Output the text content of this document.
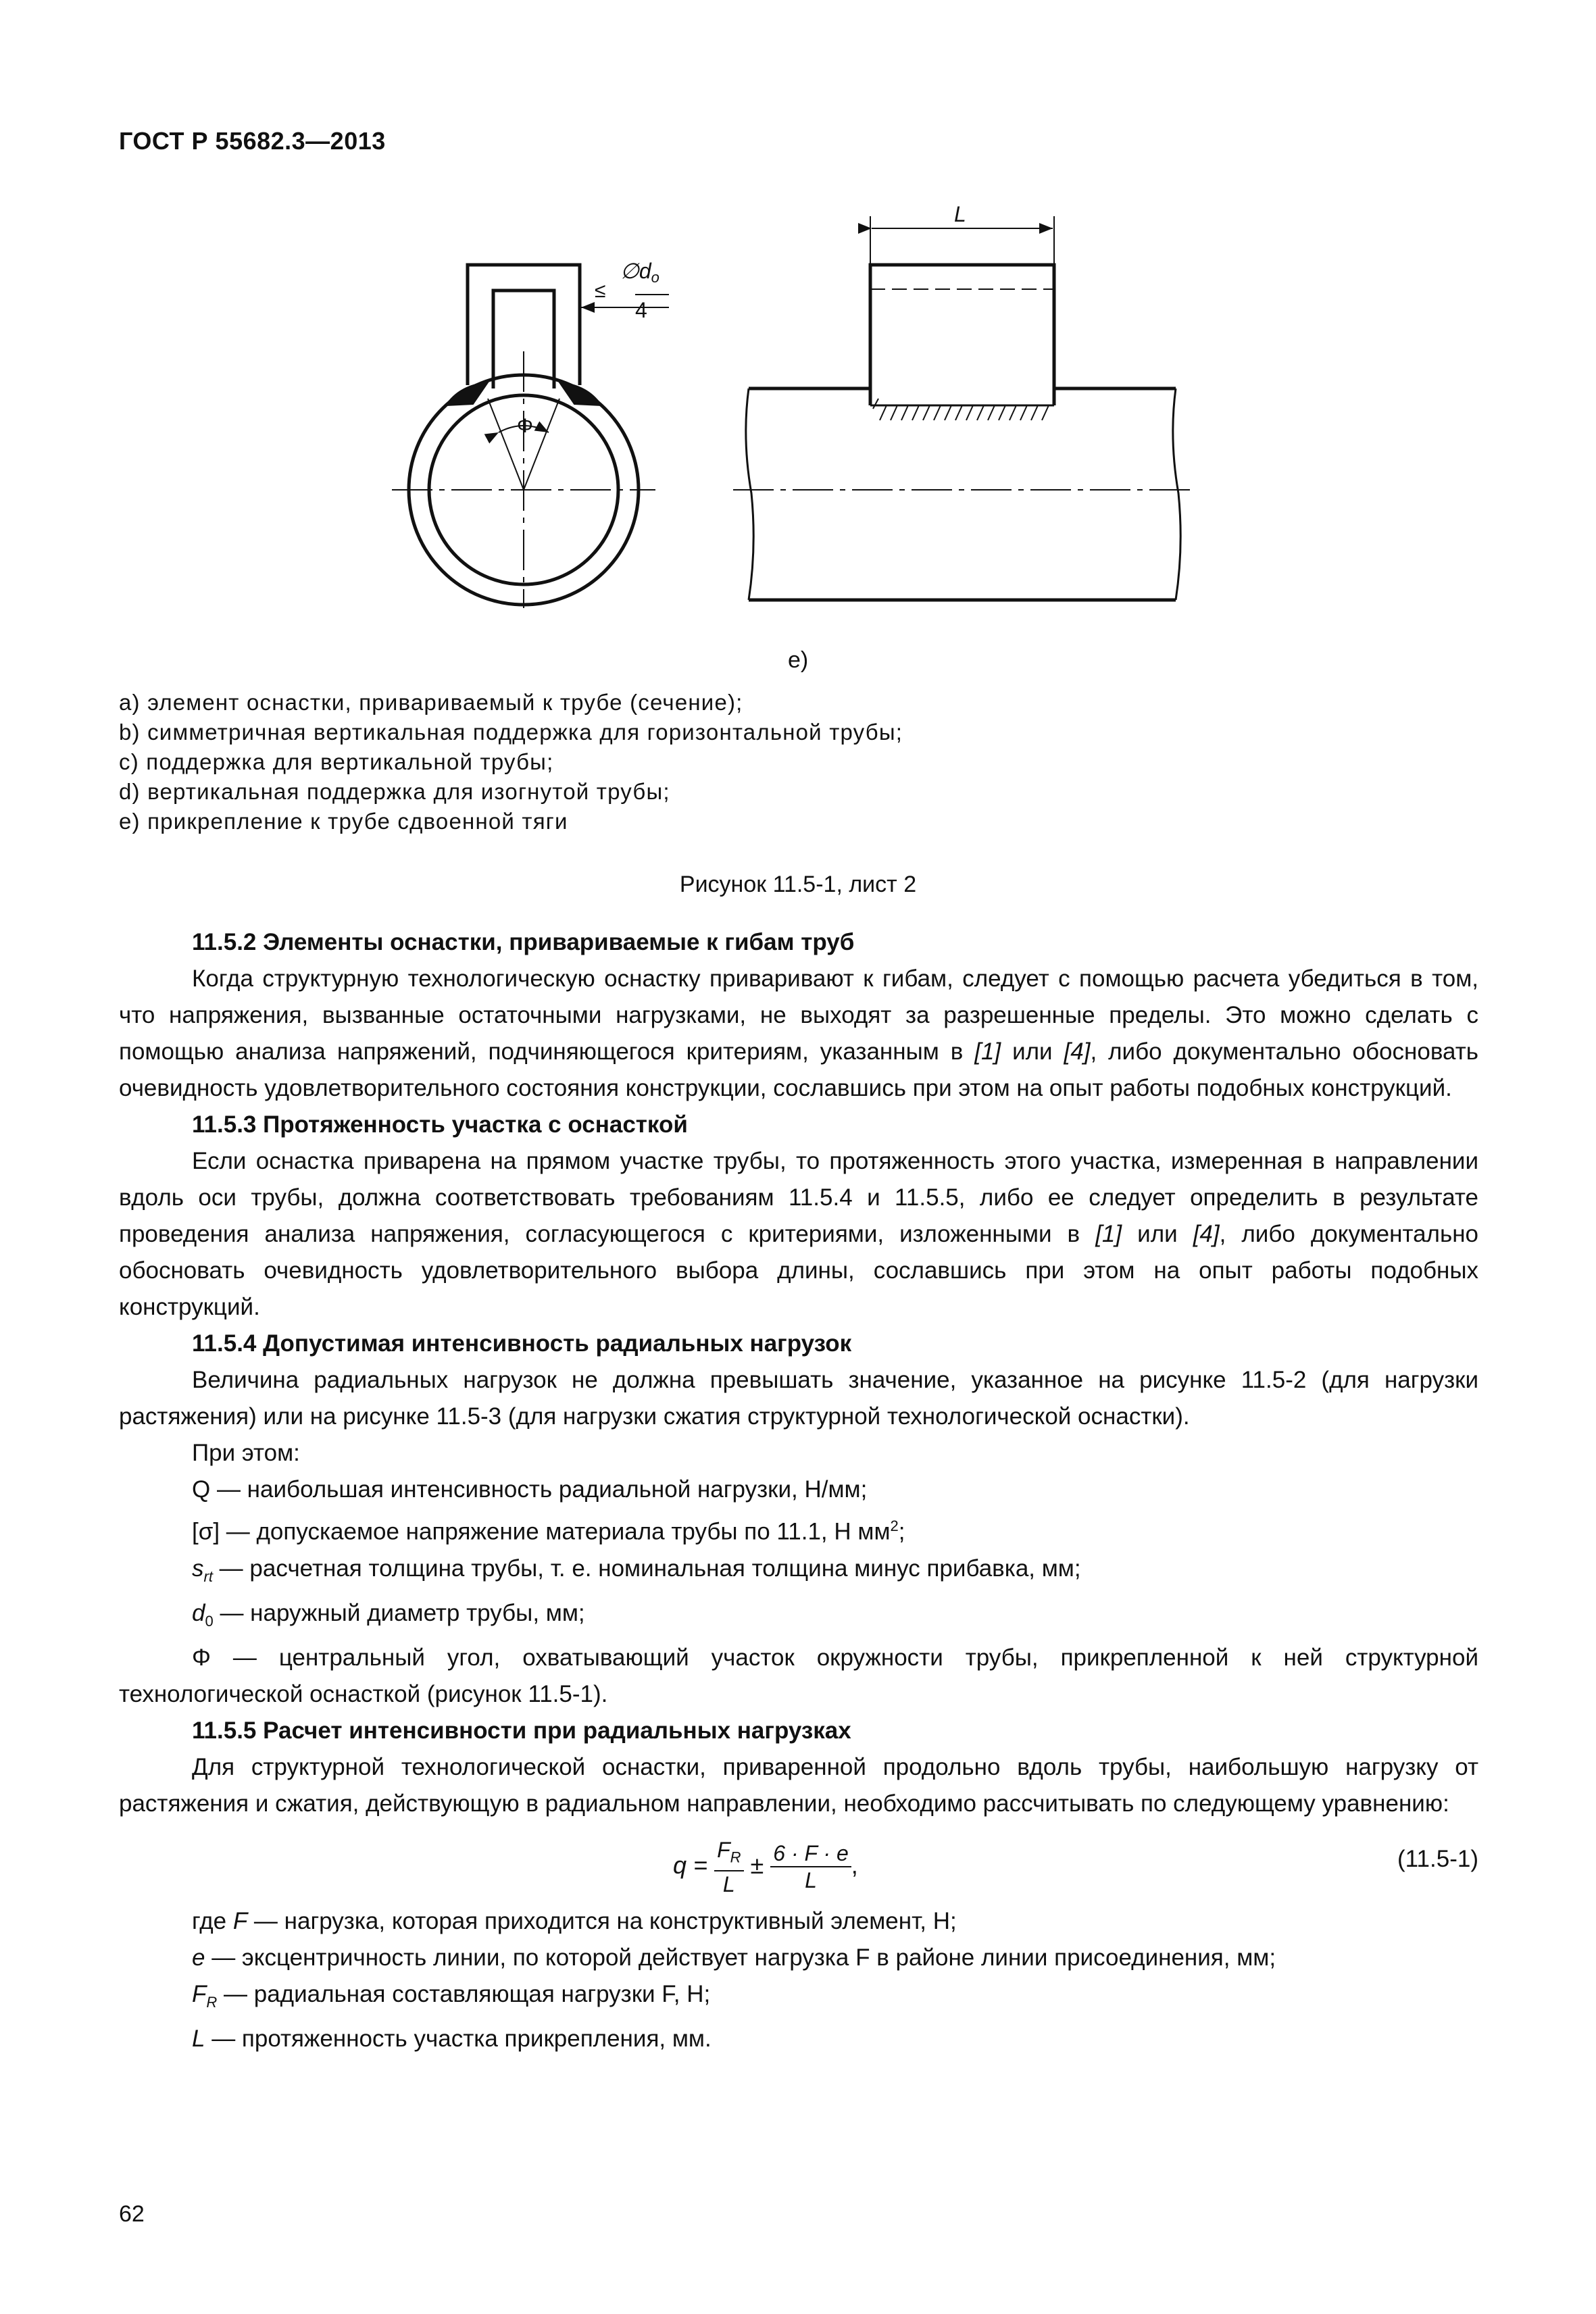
ГОСТ Р 55682.3—2013
Φ
≤
∅do
4
L
е)
a) элемент оснастки, привариваемый к трубе (сечение);
b) симметричная вертикальная поддержка для горизонтальной трубы;
c) поддержка для вертикальной трубы;
d) вертикальная поддержка для изогнутой трубы;
е) прикрепление к трубе сдвоенной тяги
Рисунок 11.5-1, лист 2

11.5.2 Элементы оснастки, привариваемые к гибам труб

Когда структурную технологическую оснастку приваривают к гибам, следует с помощью расчета убедиться в том, что напряжения, вызванные остаточными нагрузками, не выходят за разрешенные пределы. Это можно сделать с помощью анализа напряжений, подчиняющегося критериям, указанным в [1] или [4], либо документально обосновать очевидность удовлетворительного состояния конструкции, сославшись при этом на опыт работы подобных конструкций.

11.5.3 Протяженность участка с оснасткой

Если оснастка приварена на прямом участке трубы, то протяженность этого участка, измеренная в направлении вдоль оси трубы, должна соответствовать требованиям 11.5.4 и 11.5.5, либо ее следует определить в результате проведения анализа напряжения, согласующегося с критериями, изложенными в [1] или [4], либо документально обосновать очевидность удовлетворительного выбора длины, сославшись при этом на опыт работы подобных конструкций.

11.5.4 Допустимая интенсивность радиальных нагрузок

Величина радиальных нагрузок не должна превышать значение, указанное на рисунке 11.5-2 (для нагрузки растяжения) или на рисунке 11.5-3 (для нагрузки сжатия структурной технологической оснастки).

При этом:

Q — наибольшая интенсивность радиальной нагрузки, Н/мм;

[σ] — допускаемое напряжение материала трубы по 11.1, Н $мм^2$;

$s_{rt}$ — расчетная толщина трубы, т. е. номинальная толщина минус прибавка, мм;

$d_0$ — наружный диаметр трубы, мм;

Φ — центральный угол, охватывающий участок окружности трубы, прикрепленной к ней структурной технологической оснасткой (рисунок 11.5-1).

11.5.5 Расчет интенсивности при радиальных нагрузках

Для структурной технологической оснастки, приваренной продольно вдоль трубы, наибольшую нагрузку от растяжения и сжатия, действующую в радиальном направлении, необходимо рассчитывать по следующему уравнению:

$q = \frac{F_R}{L} \pm \frac{6 \cdot F \cdot e}{L}$ ,	(11.5-1)

где F — нагрузка, которая приходится на конструктивный элемент, Н;

е — эксцентричность линии, по которой действует нагрузка F в районе линии присоединения, мм;

$F_R$ — радиальная составляющая нагрузки F, Н;

L — протяженность участка прикрепления, мм.

62
